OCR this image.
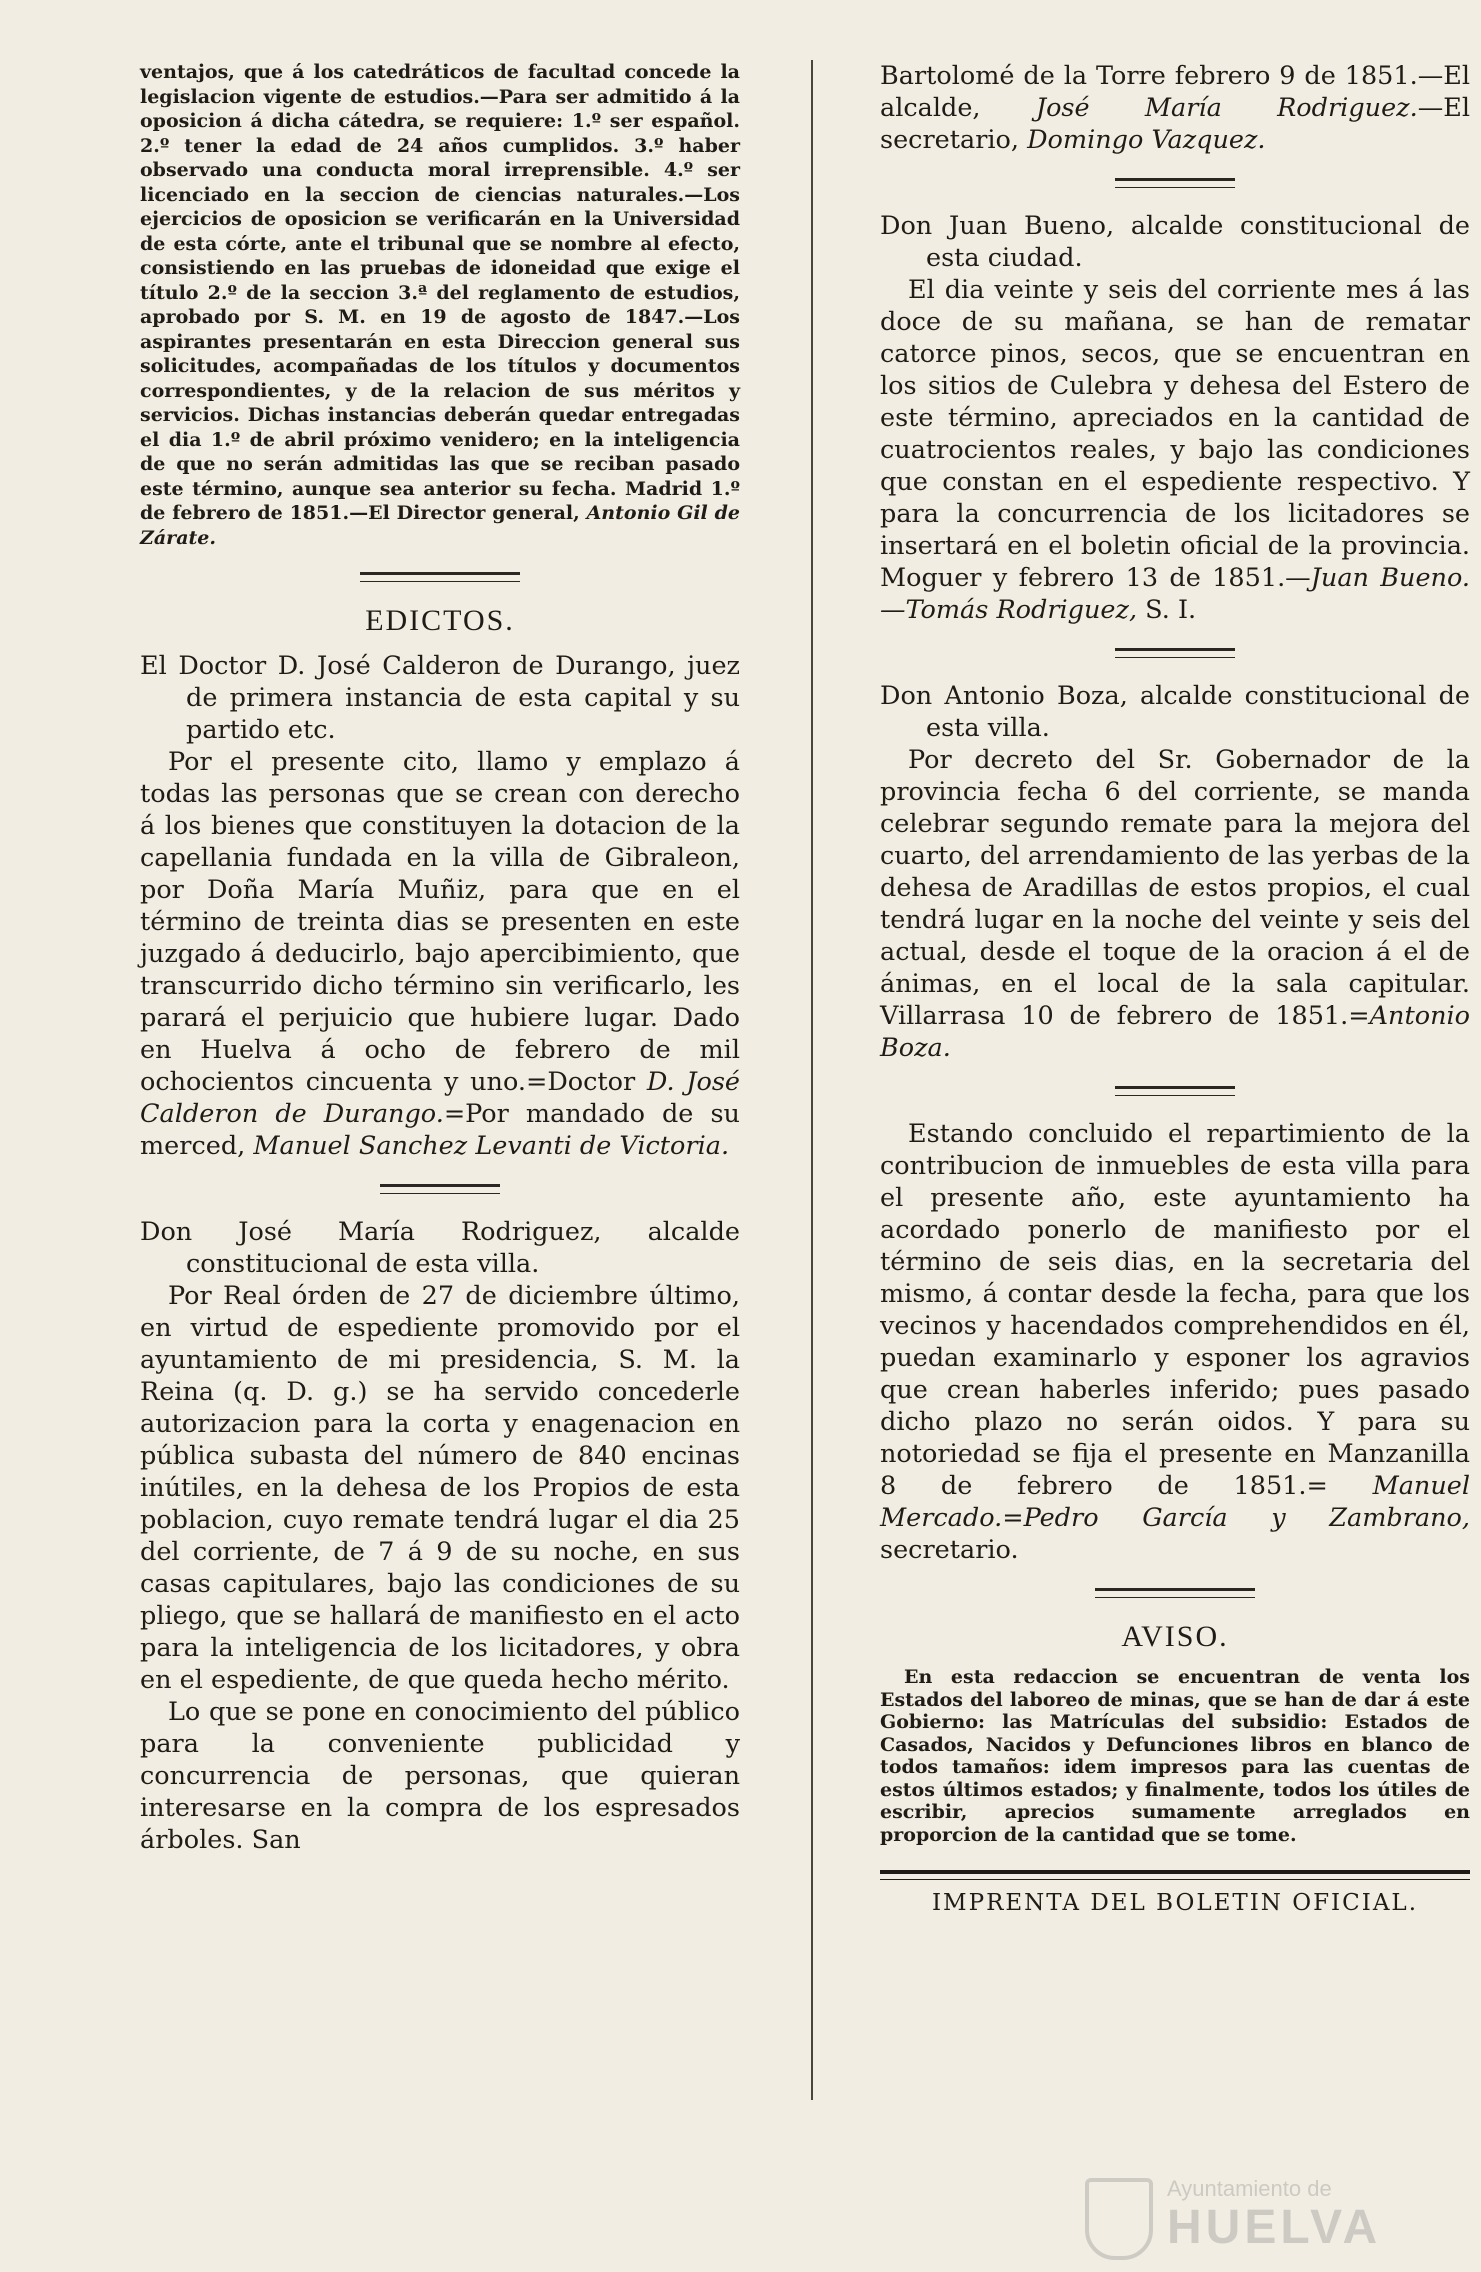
ventajos, que á los catedráticos de facultad concede la legislacion vigente de estudios.—Para ser admitido á la oposicion á dicha cátedra, se requiere: 1.º ser español. 2.º tener la edad de 24 años cumplidos. 3.º haber observado una conducta moral irreprensible. 4.º ser licenciado en la seccion de ciencias naturales.—Los ejercicios de oposicion se verificarán en la Universidad de esta córte, ante el tribunal que se nombre al efecto, consistiendo en las pruebas de idoneidad que exige el título 2.º de la seccion 3.ª del reglamento de estudios, aprobado por S. M. en 19 de agosto de 1847.—Los aspirantes presentarán en esta Direccion general sus solicitudes, acompañadas de los títulos y documentos correspondientes, y de la relacion de sus méritos y servicios. Dichas instancias deberán quedar entregadas el dia 1.º de abril próximo venidero; en la inteligencia de que no serán admitidas las que se reciban pasado este término, aunque sea anterior su fecha. Madrid 1.º de febrero de 1851.—El Director general, Antonio Gil de Zárate.

EDICTOS.

El Doctor D. José Calderon de Durango, juez de primera instancia de esta capital y su partido etc.

Por el presente cito, llamo y emplazo á todas las personas que se crean con derecho á los bienes que constituyen la dotacion de la capellania fundada en la villa de Gibraleon, por Doña María Muñiz, para que en el término de treinta dias se presenten en este juzgado á deducirlo, bajo apercibimiento, que transcurrido dicho término sin verificarlo, les parará el perjuicio que hubiere lugar. Dado en Huelva á ocho de febrero de mil ochocientos cincuenta y uno.=Doctor D. José Calderon de Durango.=Por mandado de su merced, Manuel Sanchez Levanti de Victoria.

Don José María Rodriguez, alcalde constitucional de esta villa.

Por Real órden de 27 de diciembre último, en virtud de espediente promovido por el ayuntamiento de mi presidencia, S. M. la Reina (q. D. g.) se ha servido concederle autorizacion para la corta y enagenacion en pública subasta del número de 840 encinas inútiles, en la dehesa de los Propios de esta poblacion, cuyo remate tendrá lugar el dia 25 del corriente, de 7 á 9 de su noche, en sus casas capitulares, bajo las condiciones de su pliego, que se hallará de manifiesto en el acto para la inteligencia de los licitadores, y obra en el espediente, de que queda hecho mérito.

Lo que se pone en conocimiento del público para la conveniente publicidad y concurrencia de personas, que quieran interesarse en la compra de los espresados árboles. San

Bartolomé de la Torre febrero 9 de 1851.—El alcalde, José María Rodriguez.—El secretario, Domingo Vazquez.

Don Juan Bueno, alcalde constitucional de esta ciudad.

El dia veinte y seis del corriente mes á las doce de su mañana, se han de rematar catorce pinos, secos, que se encuentran en los sitios de Culebra y dehesa del Estero de este término, apreciados en la cantidad de cuatrocientos reales, y bajo las condiciones que constan en el espediente respectivo. Y para la concurrencia de los licitadores se insertará en el boletin oficial de la provincia. Moguer y febrero 13 de 1851.—Juan Bueno.—Tomás Rodriguez, S. I.

Don Antonio Boza, alcalde constitucional de esta villa.

Por decreto del Sr. Gobernador de la provincia fecha 6 del corriente, se manda celebrar segundo remate para la mejora del cuarto, del arrendamiento de las yerbas de la dehesa de Aradillas de estos propios, el cual tendrá lugar en la noche del veinte y seis del actual, desde el toque de la oracion á el de ánimas, en el local de la sala capitular. Villarrasa 10 de febrero de 1851.=Antonio Boza.

Estando concluido el repartimiento de la contribucion de inmuebles de esta villa para el presente año, este ayuntamiento ha acordado ponerlo de manifiesto por el término de seis dias, en la secretaria del mismo, á contar desde la fecha, para que los vecinos y hacendados comprehendidos en él, puedan examinarlo y esponer los agravios que crean haberles inferido; pues pasado dicho plazo no serán oidos. Y para su notoriedad se fija el presente en Manzanilla 8 de febrero de 1851.= Manuel Mercado.=Pedro García y Zambrano, secretario.

AVISO.

En esta redaccion se encuentran de venta los Estados del laboreo de minas, que se han de dar á este Gobierno: las Matrículas del subsidio: Estados de Casados, Nacidos y Defunciones libros en blanco de todos tamaños: idem impresos para las cuentas de estos últimos estados; y finalmente, todos los útiles de escribir, aprecios sumamente arreglados en proporcion de la cantidad que se tome.

IMPRENTA DEL BOLETIN OFICIAL.
Ayuntamiento de
HUELVA
